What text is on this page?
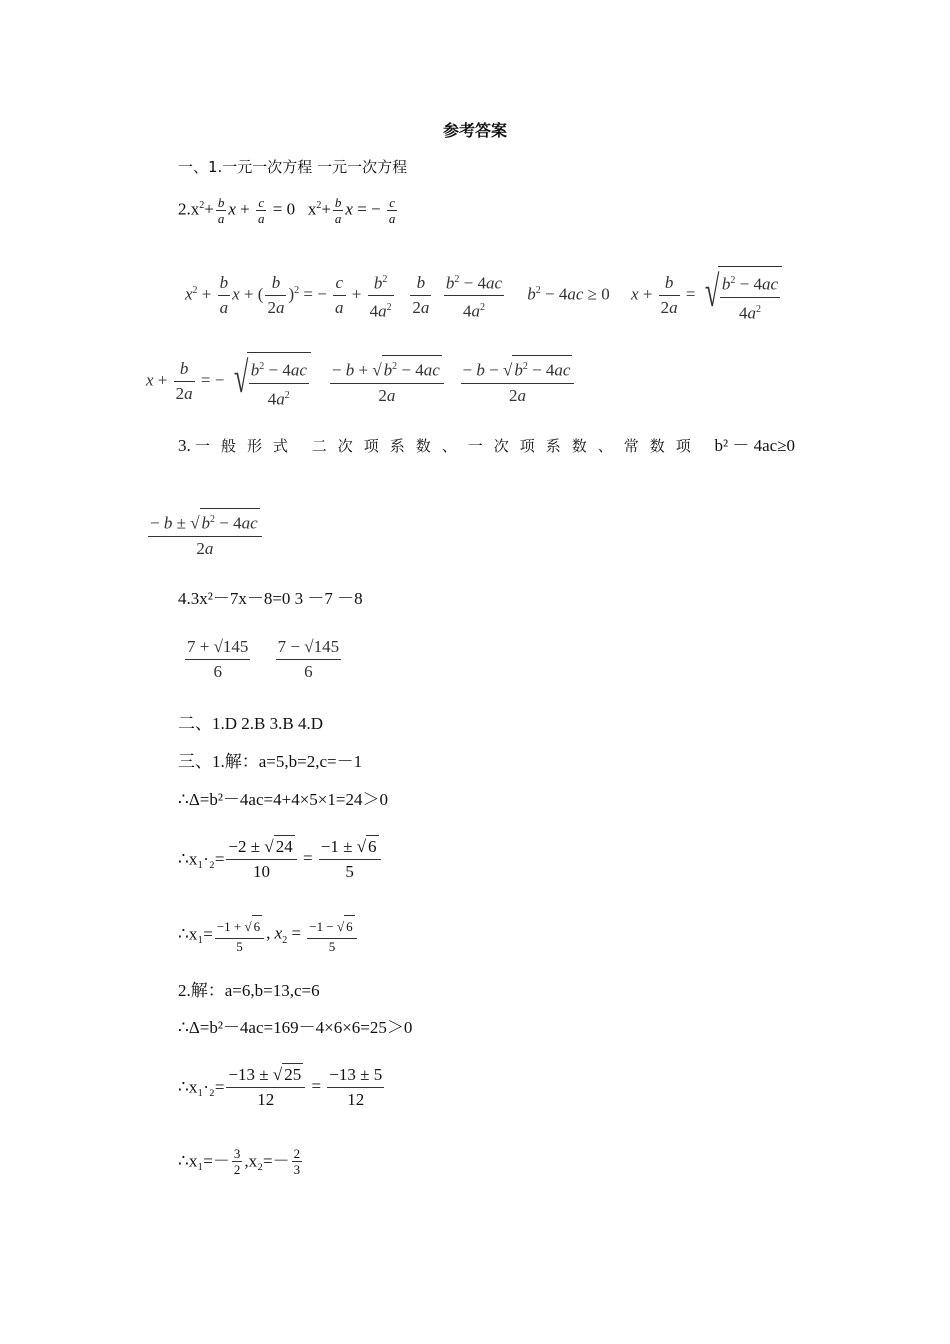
参考答案
一、1.一元一次方程 一元一次方程
$2.x^2+ \frac{b}{a}$ $x + \frac{c}{a} = 0$   $x^2+ \frac{b}{a}$ x = − $\frac{c}{a}$
$x^2 + \frac{b}{a}$ x + ( $\frac{b}{2a} )^2$ = − $\frac{c}{a} + \frac{b^2}{4a^2}$
$\frac{b}{2a}$
$\frac{b^2 - 4ac}{4a^2} b^2 - 4ac \ge 0$     $x + \frac{b}{2a}$ = √ $\frac{b^2 - 4ac}{4a^2}$
$x + \frac{b}{2a}$ = − √ $\frac{b^2 - 4ac}{4a^2}$
$\frac{- b + √ b^2 - 4ac}{2a}$
$\frac{- b - √ b^2 - 4ac}{2a}$
3. 一般形式 二次项系数、一次项系数、常数项 b² － 4ac≥0
$\frac{- b \pm √ b^2 - 4ac}{2a}$
4.3x²－7x－8=0 3 －7 －8
$\frac{7 + √145}{6}$
$\frac{7 - √145}{6}$
二、1.D 2.B 3.B 4.D
三、1.解：a=5,b=2,c=－1
∴Δ=b²－4ac=4+4×5×1=24＞0
∴x₁·₂= $\frac{-2 \pm √ 24}{10} = \frac{-1 \pm √ 6}{5}$
∴x₁= $\frac{-1 + √ 6}{5}$ , $x_2 = \frac{-1 - √ 6}{5}$
2.解：a=6,b=13,c=6
∴Δ=b²－4ac=169－4×6×6=25＞0
∴x₁·₂= $\frac{-13 \pm √ 25}{12} = \frac{-13 \pm 5}{12}$
∴x₁=－ $\frac{3}{2} ,x_2=- \frac{2}{3}$
